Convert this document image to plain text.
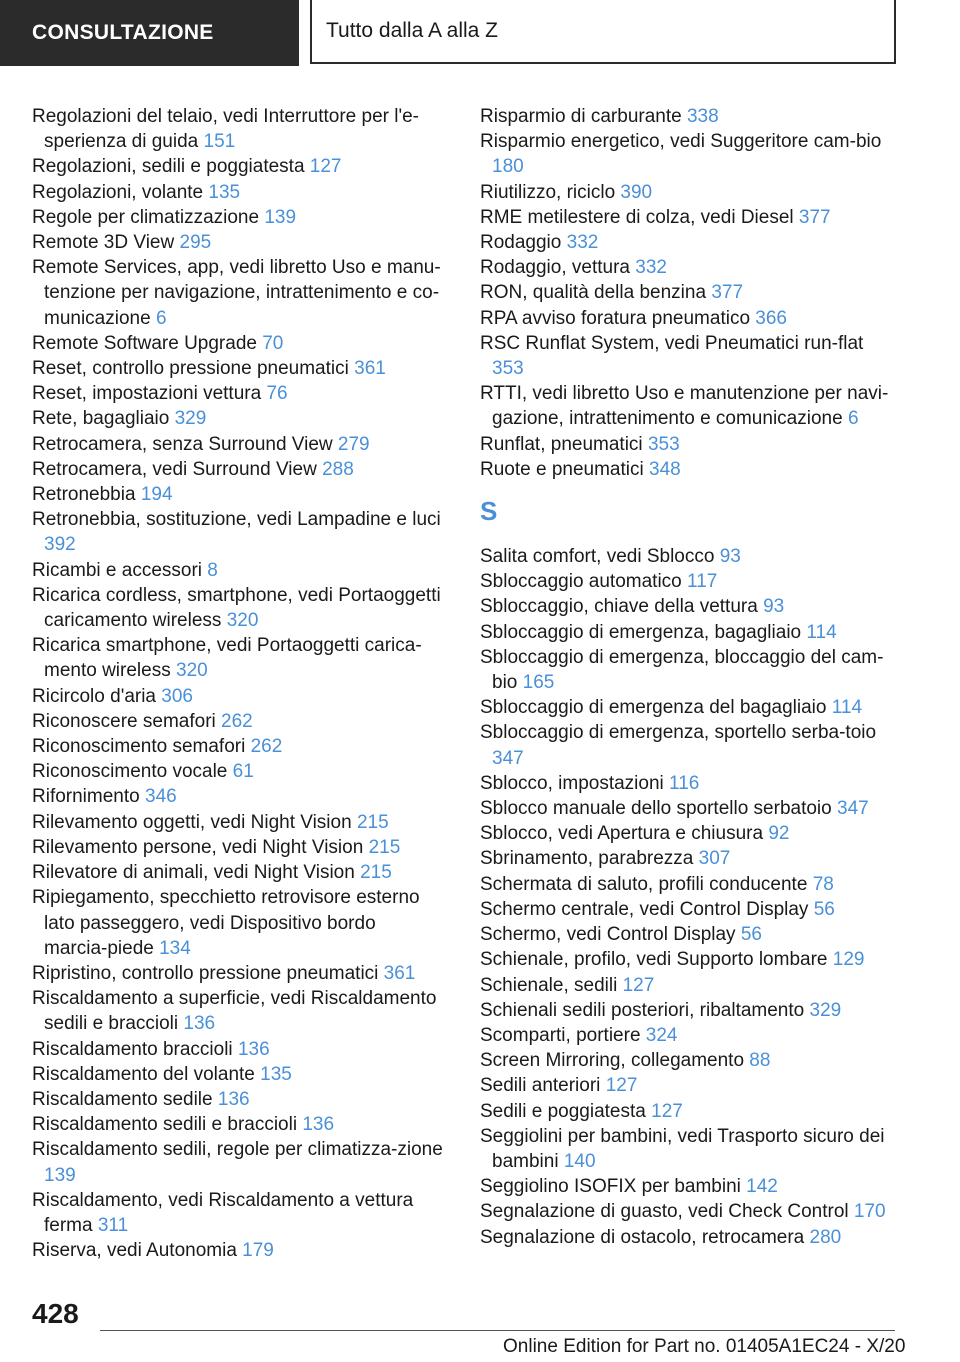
CONSULTAZIONE	Tutto dalla A alla Z

Regolazioni del telaio, vedi Interruttore per l'e-sperienza di guida 151

Regolazioni, sedili e poggiatesta 127

Regolazioni, volante 135

Regole per climatizzazione 139

Remote 3D View 295

Remote Services, app, vedi libretto Uso e manu-tenzione per navigazione, intrattenimento e co-municazione 6

Remote Software Upgrade 70

Reset, controllo pressione pneumatici 361

Reset, impostazioni vettura 76

Rete, bagagliaio 329

Retrocamera, senza Surround View 279

Retrocamera, vedi Surround View 288

Retronebbia 194

Retronebbia, sostituzione, vedi Lampadine e luci 392

Ricambi e accessori 8

Ricarica cordless, smartphone, vedi Portaoggetti caricamento wireless 320

Ricarica smartphone, vedi Portaoggetti carica-mento wireless 320

Ricircolo d'aria 306

Riconoscere semafori 262

Riconoscimento semafori 262

Riconoscimento vocale 61

Rifornimento 346

Rilevamento oggetti, vedi Night Vision 215

Rilevamento persone, vedi Night Vision 215

Rilevatore di animali, vedi Night Vision 215

Ripiegamento, specchietto retrovisore esterno lato passeggero, vedi Dispositivo bordo marcia-piede 134

Ripristino, controllo pressione pneumatici 361

Riscaldamento a superficie, vedi Riscaldamento sedili e braccioli 136

Riscaldamento braccioli 136

Riscaldamento del volante 135

Riscaldamento sedile 136

Riscaldamento sedili e braccioli 136

Riscaldamento sedili, regole per climatizza-zione 139

Riscaldamento, vedi Riscaldamento a vettura ferma 311

Riserva, vedi Autonomia 179

Risparmio di carburante 338

Risparmio energetico, vedi Suggeritore cam-bio 180

Riutilizzo, riciclo 390

RME metilestere di colza, vedi Diesel 377

Rodaggio 332

Rodaggio, vettura 332

RON, qualità della benzina 377

RPA avviso foratura pneumatico 366

RSC Runflat System, vedi Pneumatici run-flat 353

RTTI, vedi libretto Uso e manutenzione per navi-gazione, intrattenimento e comunicazione 6

Runflat, pneumatici 353

Ruote e pneumatici 348

S

Salita comfort, vedi Sblocco 93

Sbloccaggio automatico 117

Sbloccaggio, chiave della vettura 93

Sbloccaggio di emergenza, bagagliaio 114

Sbloccaggio di emergenza, bloccaggio del cam-bio 165

Sbloccaggio di emergenza del bagagliaio 114

Sbloccaggio di emergenza, sportello serba-toio 347

Sblocco, impostazioni 116

Sblocco manuale dello sportello serbatoio 347

Sblocco, vedi Apertura e chiusura 92

Sbrinamento, parabrezza 307

Schermata di saluto, profili conducente 78

Schermo centrale, vedi Control Display 56

Schermo, vedi Control Display 56

Schienale, profilo, vedi Supporto lombare 129

Schienale, sedili 127

Schienali sedili posteriori, ribaltamento 329

Scomparti, portiere 324

Screen Mirroring, collegamento 88

Sedili anteriori 127

Sedili e poggiatesta 127

Seggiolini per bambini, vedi Trasporto sicuro dei bambini 140

Seggiolino ISOFIX per bambini 142

Segnalazione di guasto, vedi Check Control 170

Segnalazione di ostacolo, retrocamera 280

428
Online Edition for Part no. 01405A1EC24 - X/20
